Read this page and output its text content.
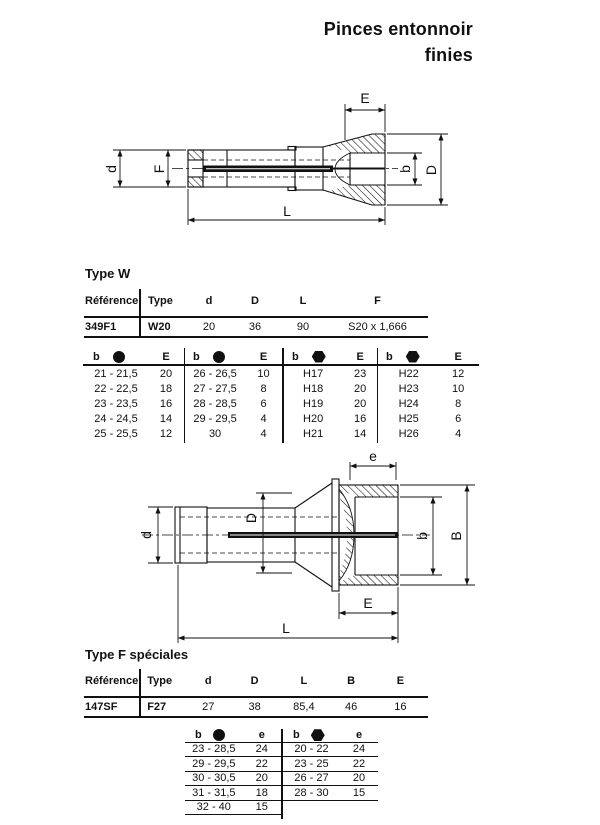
Pinces entonnoir
finies
E
d F	b D
L
Type W
Référence Type	d	D	L	F
349F1	W20	20	36	90	S20 x 1,666
b	E
21 - 21,5	20
22 - 22,5	18
23 - 23,5	16
24 - 24,5	14
25 - 25,5	12
b	E
26 - 26,5	10
27 - 27,5	8
28 - 28,5	6
29 - 29,5	4
30	4
b	E
H17	23
H18	20
H19	20
H20	16
H21	14
b	E
H22	12
H23	10
H24	8
H25	6
H26	4
e
d
D
b B
E
L
Type F spéciales
Référence Type	d	D	L	B	E
147SF	F27	27	38	85,4	46	16
b	e
23 - 28,5	24
29 - 29,5	22
30 - 30,5	20
31 - 31,5	18
32 - 40	15
b	e
20 - 22	24
23 - 25	22
26 - 27	20
28 - 30	15
